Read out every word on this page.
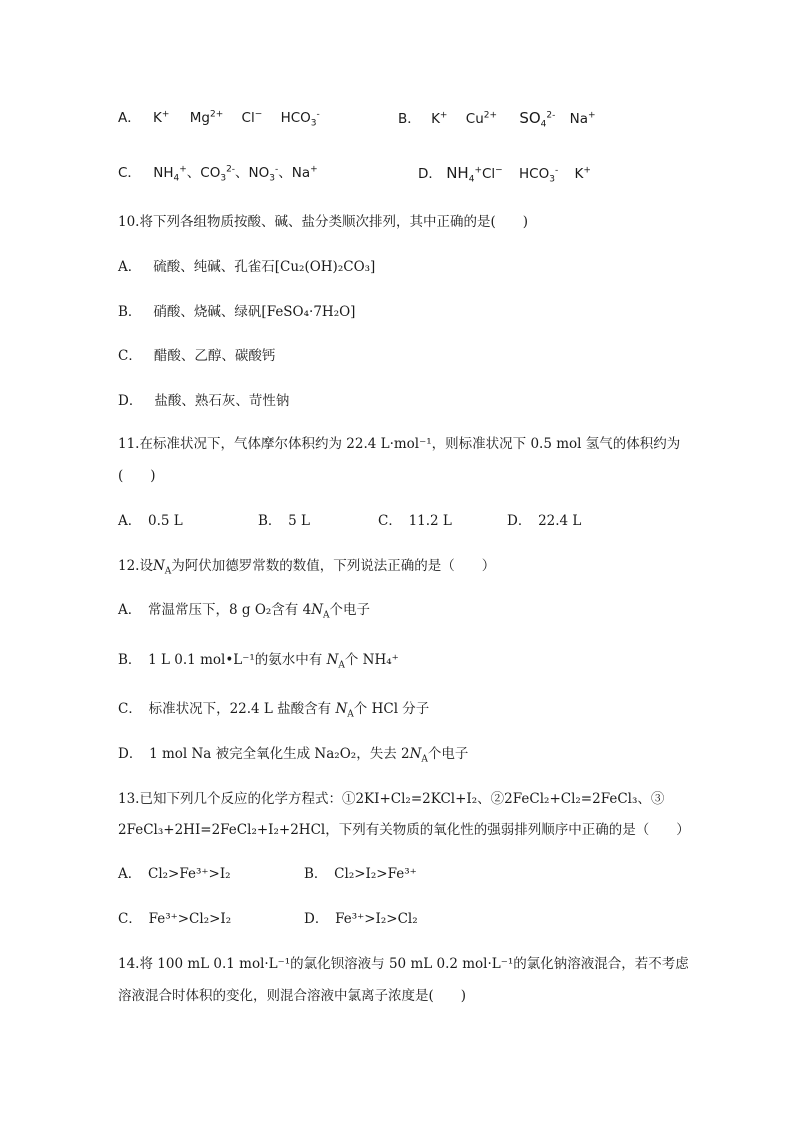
A． K+ $Mg^{2+}$ Cl− $HCO_3^-$	B． K+ $Cu^{2+}$ $SO_4^{2-}$ Na+
C． $NH_4^+$、$CO_3^{2-}$、$NO_3^-$、Na+	D． $NH_4^+Cl^-$ $HCO_3^-$ K+
10.将下列各组物质按酸、碱、盐分类顺次排列，其中正确的是(　　)
A． 硫酸、纯碱、孔雀石[Cu₂(OH)₂CO₃]
B． 硝酸、烧碱、绿矾[FeSO₄·7H₂O]
C． 醋酸、乙醇、碳酸钙
D． 盐酸、熟石灰、苛性钠
11.在标准状况下，气体摩尔体积约为 22.4 L·mol⁻¹，则标准状况下 0.5 mol 氢气的体积约为
(　　)
A．　0.5 L	B．　5 L	C．　11.2 L	D．　22.4 L
12.设$N_A$为阿伏加德罗常数的数值，下列说法正确的是（　　）
A．　常温常压下，8 g O₂含有 $4N_A$个电子
B．　1 L 0.1 mol•L⁻¹的氨水中有 $N_A$个 NH₄⁺
C．　标准状况下，22.4 L 盐酸含有 $N_A$个 HCl 分子
D．　1 mol Na 被完全氧化生成 Na₂O₂，失去 $2N_A$个电子
13.已知下列几个反应的化学方程式：①2KI+Cl₂=2KCl+I₂、②2FeCl₂+Cl₂=2FeCl₃、③
2FeCl₃+2HI=2FeCl₂+I₂+2HCl，下列有关物质的氧化性的强弱排列顺序中正确的是（　　）
A．　Cl₂>Fe³⁺>I₂	B．　Cl₂>I₂>Fe³⁺
C．　Fe³⁺>Cl₂>I₂	D．　Fe³⁺>I₂>Cl₂
14.将 100 mL 0.1 mol·L⁻¹的氯化钡溶液与 50 mL 0.2 mol·L⁻¹的氯化钠溶液混合，若不考虑
溶液混合时体积的变化，则混合溶液中氯离子浓度是(　　)
